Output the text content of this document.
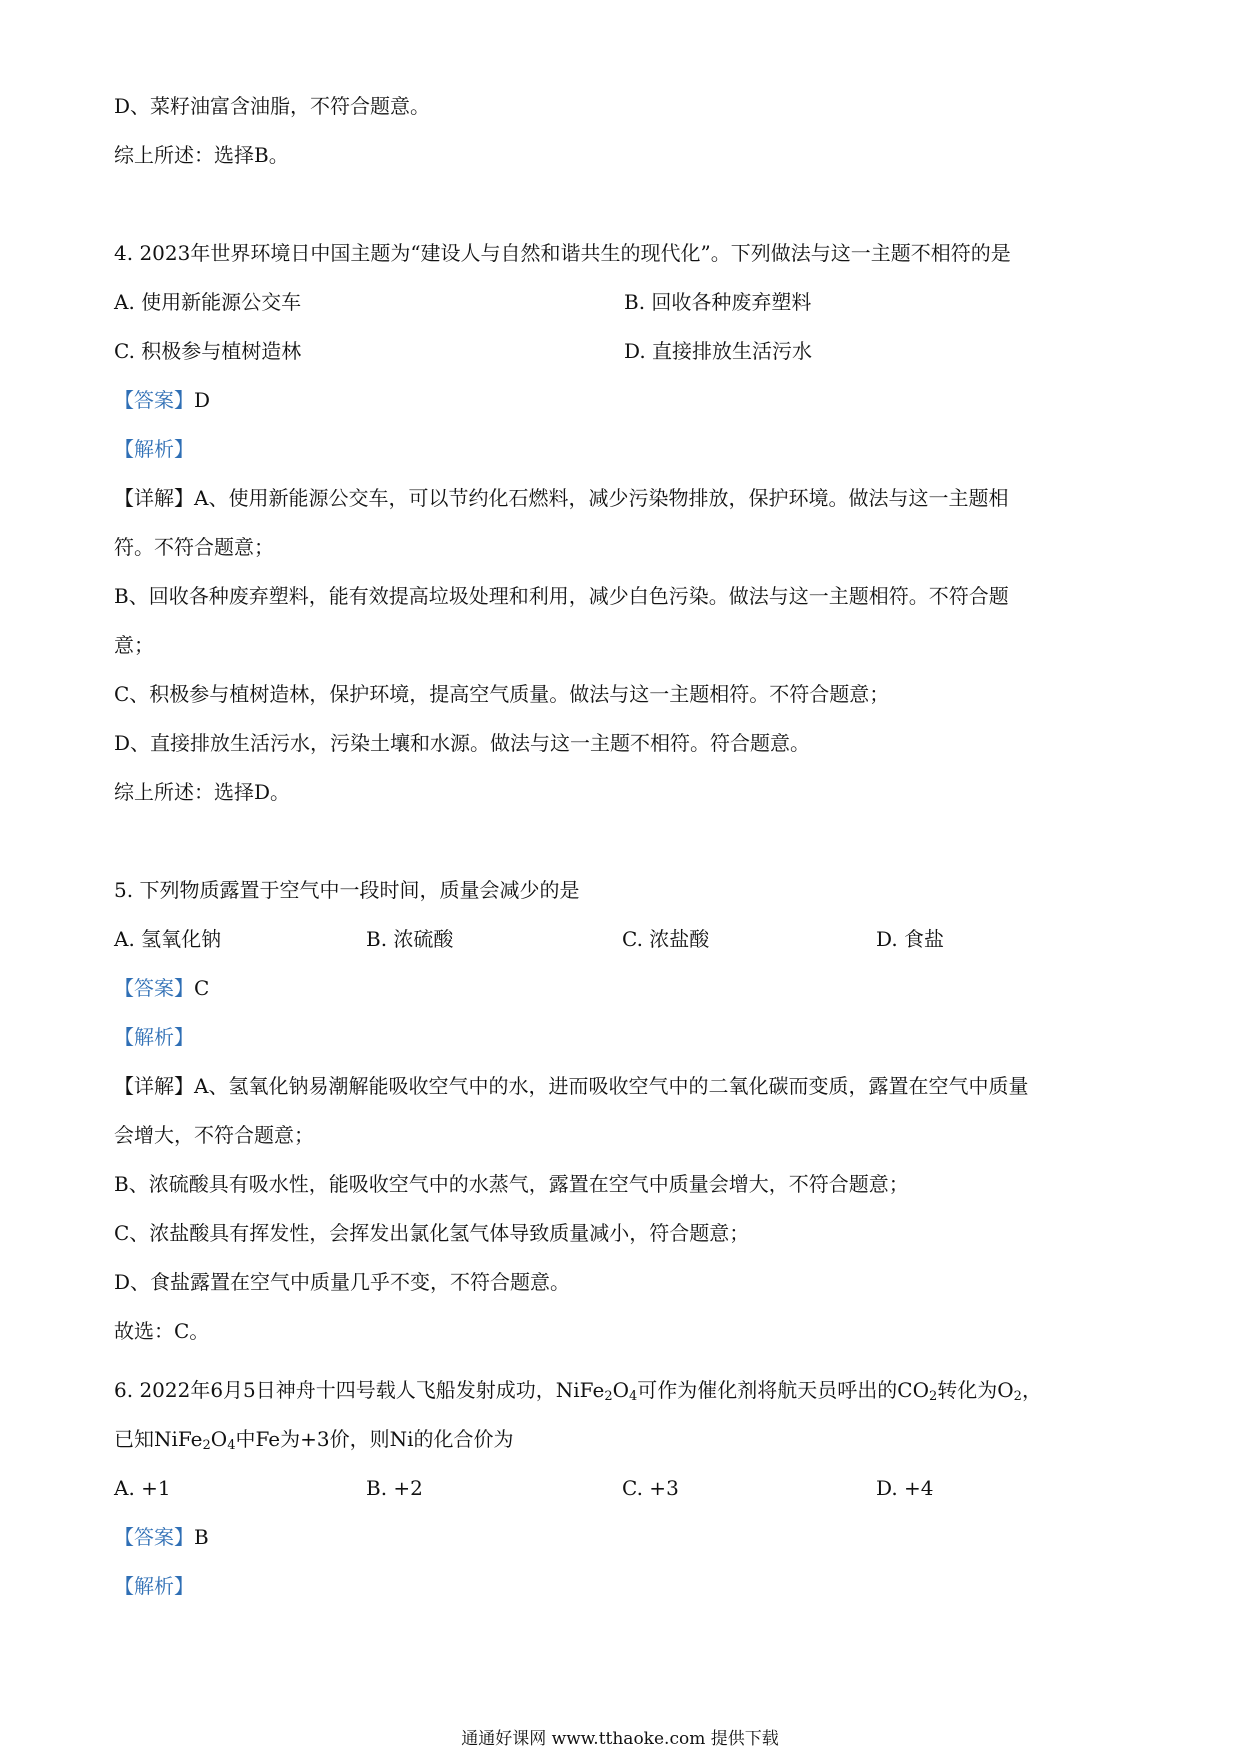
D、菜籽油富含油脂，不符合题意。
综上所述：选择B。
4. 2023年世界环境日中国主题为“建设人与自然和谐共生的现代化”。下列做法与这一主题不相符的是
A. 使用新能源公交车	B. 回收各种废弃塑料
C. 积极参与植树造林	D. 直接排放生活污水
【答案】D
【解析】
【详解】A、使用新能源公交车，可以节约化石燃料，减少污染物排放，保护环境。做法与这一主题相
符。不符合题意；
B、回收各种废弃塑料，能有效提高垃圾处理和利用，减少白色污染。做法与这一主题相符。不符合题
意；
C、积极参与植树造林，保护环境，提高空气质量。做法与这一主题相符。不符合题意；
D、直接排放生活污水，污染土壤和水源。做法与这一主题不相符。符合题意。
综上所述：选择D。
5. 下列物质露置于空气中一段时间，质量会减少的是
A. 氢氧化钠	B. 浓硫酸	C. 浓盐酸	D. 食盐
【答案】C
【解析】
【详解】A、氢氧化钠易潮解能吸收空气中的水，进而吸收空气中的二氧化碳而变质，露置在空气中质量
会增大，不符合题意；
B、浓硫酸具有吸水性，能吸收空气中的水蒸气，露置在空气中质量会增大，不符合题意；
C、浓盐酸具有挥发性，会挥发出氯化氢气体导致质量减小，符合题意；
D、食盐露置在空气中质量几乎不变，不符合题意。
故选：C。
6. 2022年6月5日神舟十四号载人飞船发射成功，$NiFe_2O_4$可作为催化剂将航天员呼出的$CO_2$转化为$O_2$，
已知$NiFe_2O_4$中Fe为+3价，则Ni的化合价为
A. +1	B. +2	C. +3	D. +4
【答案】B
【解析】
通通好课网 www.tthaoke.com 提供下载
